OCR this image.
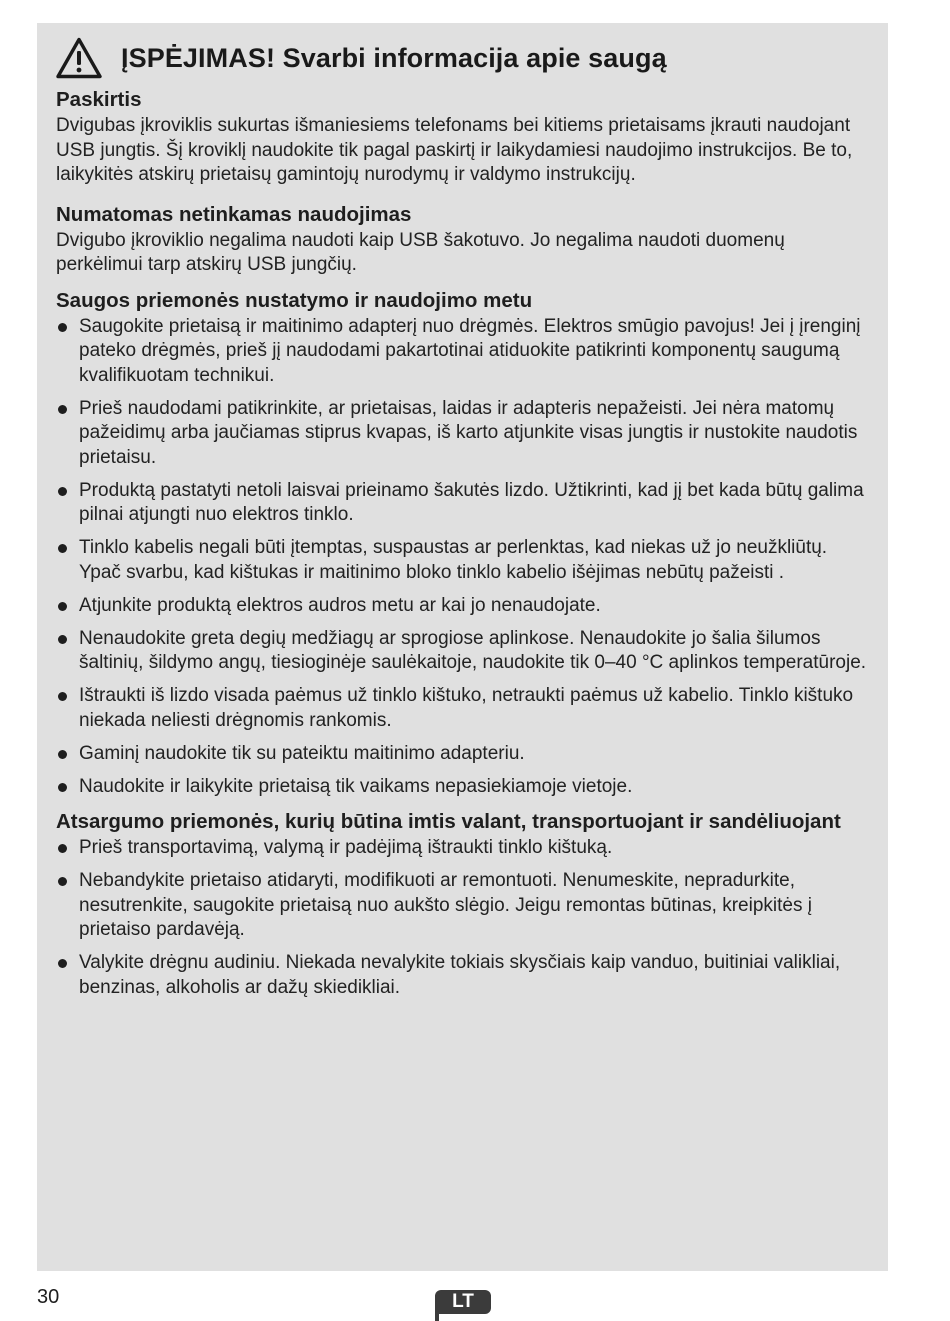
ĮSPĖJIMAS! Svarbi informacija apie saugą
Paskirtis

Dvigubas įkroviklis sukurtas išmaniesiems telefonams bei kitiems prietaisams įkrauti naudojant USB jungtis. Šį kroviklį naudokite tik pagal paskirtį ir laikydamiesi naudojimo instrukcijos. Be to, laikykitės atskirų prietaisų gamintojų nurodymų ir valdymo instrukcijų.

Numatomas netinkamas naudojimas

Dvigubo įkroviklio negalima naudoti kaip USB šakotuvo. Jo negalima naudoti duomenų perkėlimui tarp atskirų USB jungčių.

Saugos priemonės nustatymo ir naudojimo metu
Saugokite prietaisą ir maitinimo adapterį nuo drėgmės. Elektros smūgio pavojus! Jei į įrenginį pateko drėgmės, prieš jį naudodami pakartotinai atiduokite patikrinti komponentų saugumą kvalifikuotam technikui.
Prieš naudodami patikrinkite, ar prietaisas, laidas ir adapteris nepažeisti. Jei nėra matomų pažeidimų arba jaučiamas stiprus kvapas, iš karto atjunkite visas jungtis ir nustokite naudotis prietaisu.
Produktą pastatyti netoli laisvai prieinamo šakutės lizdo. Užtikrinti, kad jį bet kada būtų galima pilnai atjungti nuo elektros tinklo.
Tinklo kabelis negali būti įtemptas, suspaustas ar perlenktas, kad niekas už jo neužkliūtų. Ypač svarbu, kad kištukas ir maitinimo bloko tinklo kabelio išėjimas nebūtų pažeisti .
Atjunkite produktą elektros audros metu ar kai jo nenaudojate.
Nenaudokite greta degių medžiagų ar sprogiose aplinkose. Nenaudokite jo šalia šilumos šaltinių, šildymo angų, tiesioginėje saulėkaitoje, naudokite tik 0–40 °C aplinkos temperatūroje.
Ištraukti iš lizdo visada paėmus už tinklo kištuko, netraukti paėmus už kabelio. Tinklo kištuko niekada neliesti drėgnomis rankomis.
Gaminį naudokite tik su pateiktu maitinimo adapteriu.
Naudokite ir laikykite prietaisą tik vaikams nepasiekiamoje vietoje.
Atsargumo priemonės, kurių būtina imtis valant, transportuojant ir sandėliuojant
Prieš transportavimą, valymą ir padėjimą ištraukti tinklo kištuką.
Nebandykite prietaiso atidaryti, modifikuoti ar remontuoti. Nenumeskite, nepradurkite, nesutrenkite, saugokite prietaisą nuo aukšto slėgio. Jeigu remontas būtinas, kreipkitės į prietaiso pardavėją.
Valykite drėgnu audiniu. Niekada nevalykite tokiais skysčiais kaip vanduo, buitiniai valikliai, benzinas, alkoholis ar dažų skiedikliai.
30	LT
